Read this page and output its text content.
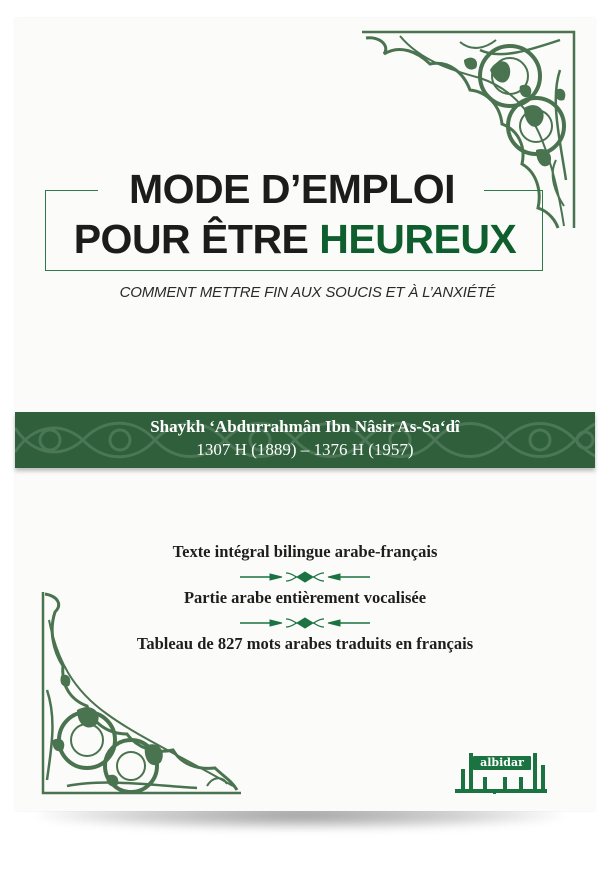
MODE D’EMPLOI
POUR ÊTRE HEUREUX
COMMENT METTRE FIN AUX SOUCIS ET À L’ANXIÉTÉ
Shaykh ‘Abdurrahmân Ibn Nâsir As-Sa‘dî
1307 H (1889) – 1376 H (1957)
Texte intégral bilingue arabe-français
Partie arabe entièrement vocalisée
Tableau de 827 mots arabes traduits en français
albidar
